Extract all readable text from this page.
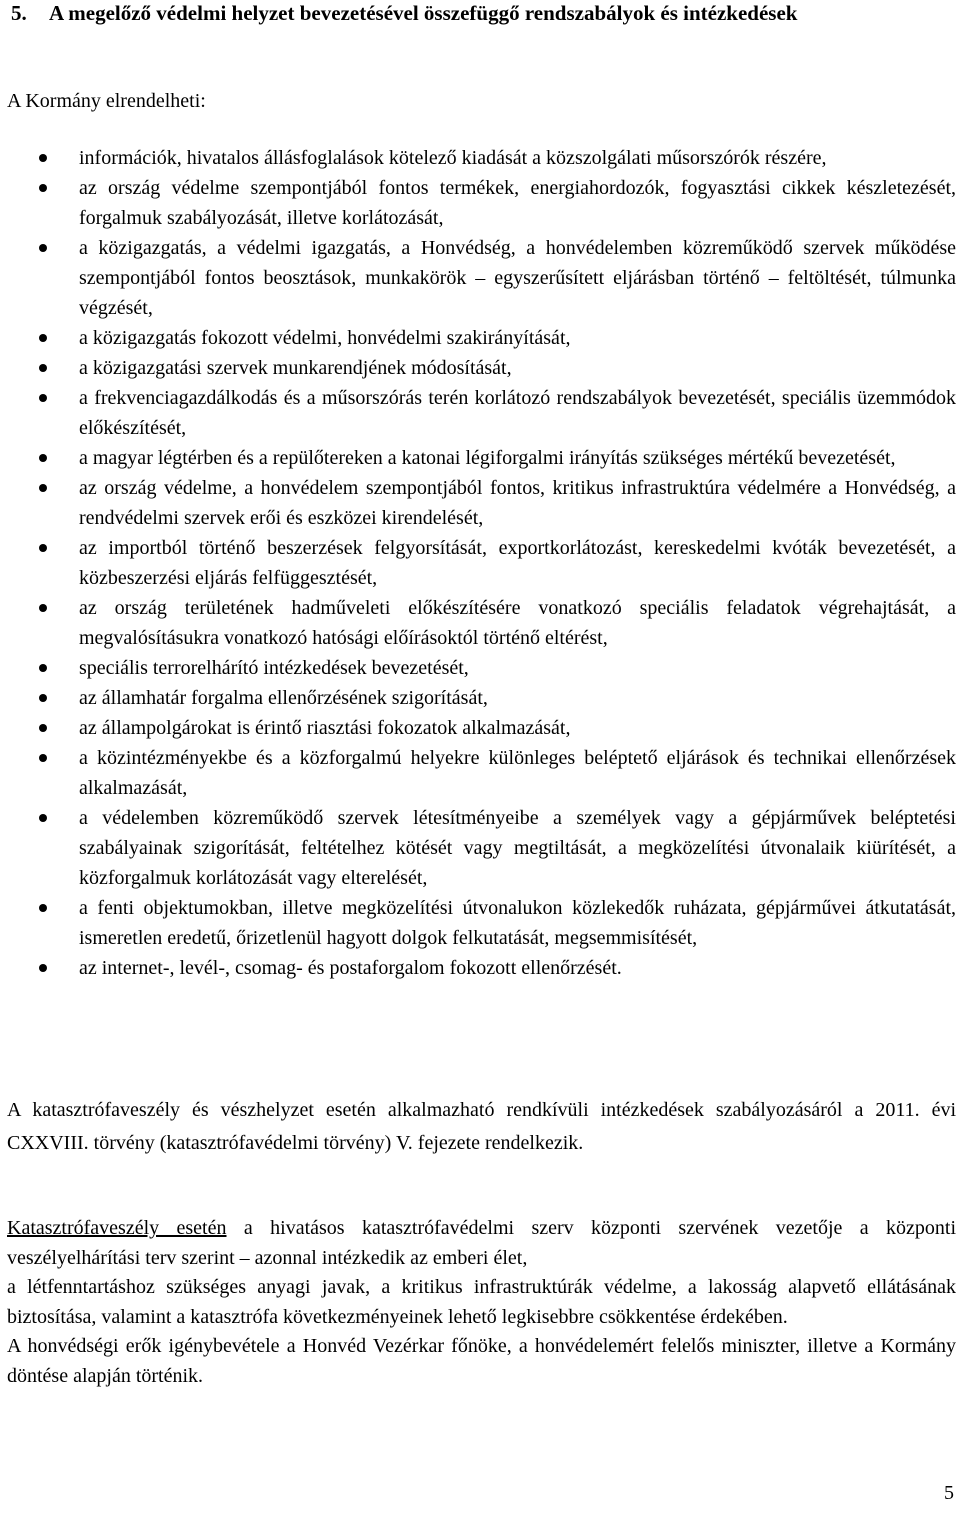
5. A megelőző védelmi helyzet bevezetésével összefüggő rendszabályok és intézkedések
A Kormány elrendelheti:
információk, hivatalos állásfoglalások kötelező kiadását a közszolgálati műsorszórók részére,
az ország védelme szempontjából fontos termékek, energiahordozók, fogyasztási cikkek készletezését, forgalmuk szabályozását, illetve korlátozását,
a közigazgatás, a védelmi igazgatás, a Honvédség, a honvédelemben közreműködő szervek működése szempontjából fontos beosztások, munkakörök – egyszerűsített eljárásban történő – feltöltését, túlmunka végzését,
a közigazgatás fokozott védelmi, honvédelmi szakirányítását,
a közigazgatási szervek munkarendjének módosítását,
a frekvenciagazdálkodás és a műsorszórás terén korlátozó rendszabályok bevezetését, speciális üzemmódok előkészítését,
a magyar légtérben és a repülőtereken a katonai légiforgalmi irányítás szükséges mértékű bevezetését,
az ország védelme, a honvédelem szempontjából fontos, kritikus infrastruktúra védelmére a Honvédség, a rendvédelmi szervek erői és eszközei kirendelését,
az importból történő beszerzések felgyorsítását, exportkorlátozást, kereskedelmi kvóták bevezetését, a közbeszerzési eljárás felfüggesztését,
az ország területének hadműveleti előkészítésére vonatkozó speciális feladatok végrehajtását, a megvalósításukra vonatkozó hatósági előírásoktól történő eltérést,
speciális terrorelhárító intézkedések bevezetését,
az államhatár forgalma ellenőrzésének szigorítását,
az állampolgárokat is érintő riasztási fokozatok alkalmazását,
a közintézményekbe és a közforgalmú helyekre különleges beléptető eljárások és technikai ellenőrzések alkalmazását,
a védelemben közreműködő szervek létesítményeibe a személyek vagy a gépjárművek beléptetési szabályainak szigorítását, feltételhez kötését vagy megtiltását, a megközelítési útvonalaik kiürítését, a közforgalmuk korlátozását vagy elterelését,
a fenti objektumokban, illetve megközelítési útvonalukon közlekedők ruházata, gépjárművei átkutatását, ismeretlen eredetű, őrizetlenül hagyott dolgok felkutatását, megsemmisítését,
az internet-, levél-, csomag- és postaforgalom fokozott ellenőrzését.
A katasztrófaveszély és vészhelyzet esetén alkalmazható rendkívüli intézkedések szabályozásáról a 2011. évi CXXVIII. törvény (katasztrófavédelmi törvény) V. fejezete rendelkezik.
Katasztrófaveszély esetén a hivatásos katasztrófavédelmi szerv központi szervének vezetője a központi veszélyelhárítási terv szerint – azonnal intézkedik az emberi élet,
a létfenntartáshoz szükséges anyagi javak, a kritikus infrastruktúrák védelme, a lakosság alapvető ellátásának biztosítása, valamint a katasztrófa következményeinek lehető legkisebbre csökkentése érdekében.
A honvédségi erők igénybevétele a Honvéd Vezérkar főnöke, a honvédelemért felelős miniszter, illetve a Kormány döntése alapján történik.
5
